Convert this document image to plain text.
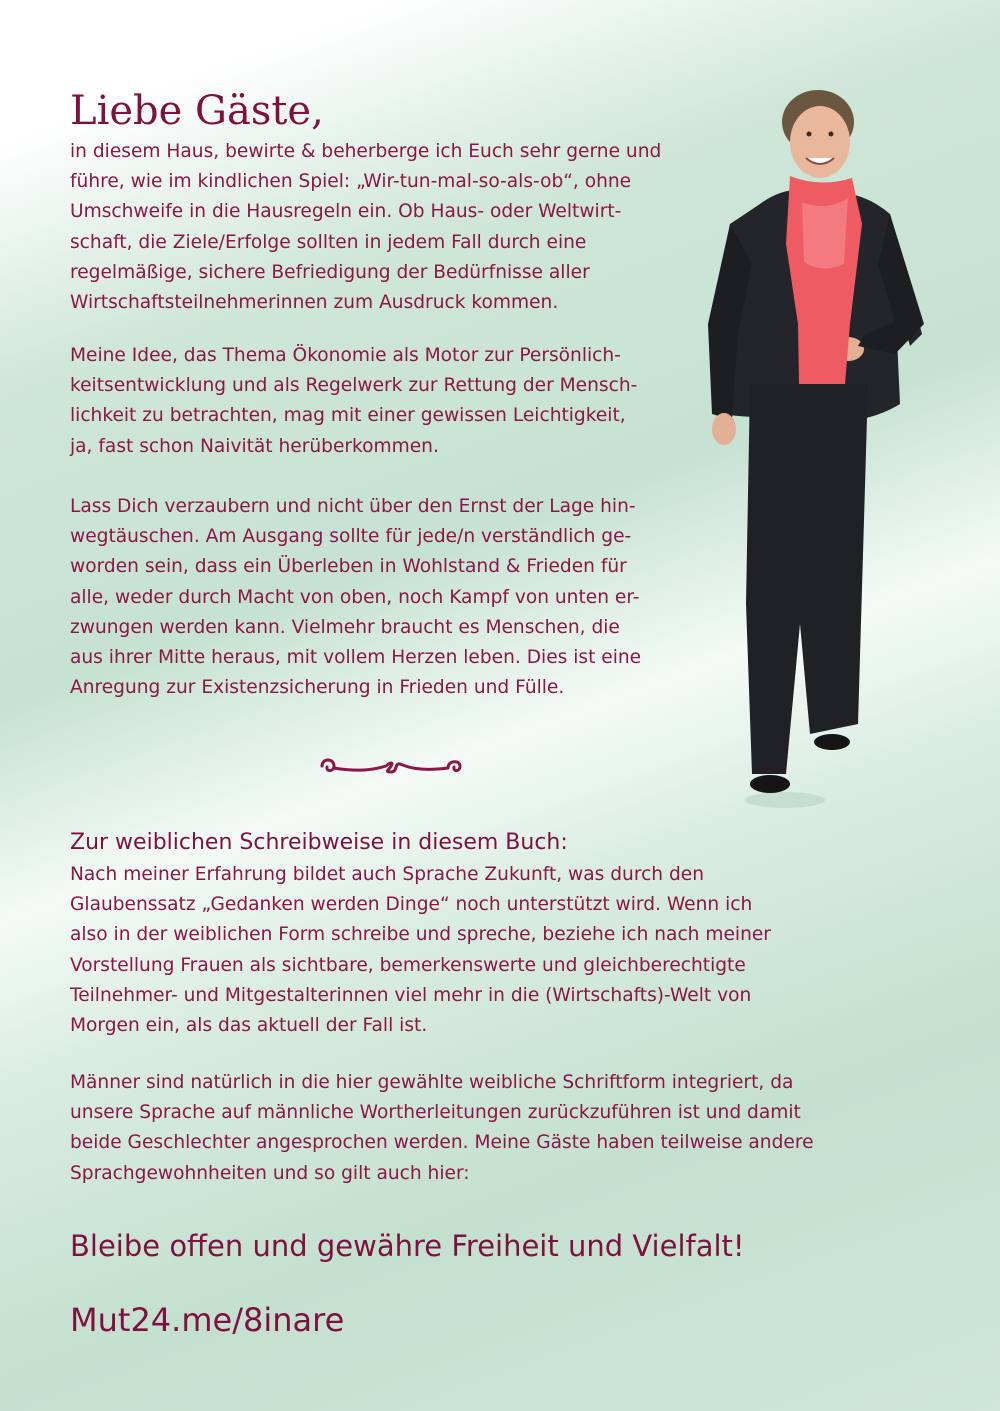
Liebe Gäste,

in diesem Haus, bewirte & beherberge ich Euch sehr gerne und
führe, wie im kindlichen Spiel: „Wir-tun-mal-so-als-ob“, ohne
Umschweife in die Hausregeln ein. Ob Haus- oder Weltwirt-
schaft, die Ziele/Erfolge sollten in jedem Fall durch eine
regelmäßige, sichere Befriedigung der Bedürfnisse aller
Wirtschaftsteilnehmerinnen zum Ausdruck kommen.

Meine Idee, das Thema Ökonomie als Motor zur Persönlich-
keitsentwicklung und als Regelwerk zur Rettung der Mensch-
lichkeit zu betrachten, mag mit einer gewissen Leichtigkeit,
ja, fast schon Naivität herüberkommen.

Lass Dich verzaubern und nicht über den Ernst der Lage hin-
wegtäuschen. Am Ausgang sollte für jede/n verständlich ge-
worden sein, dass ein Überleben in Wohlstand & Frieden für
alle, weder durch Macht von oben, noch Kampf von unten er-
zwungen werden kann. Vielmehr braucht es Menschen, die
aus ihrer Mitte heraus, mit vollem Herzen leben. Dies ist eine
Anregung zur Existenzsicherung in Frieden und Fülle.

Zur weiblichen Schreibweise in diesem Buch:

Nach meiner Erfahrung bildet auch Sprache Zukunft, was durch den
Glaubenssatz „Gedanken werden Dinge“ noch unterstützt wird. Wenn ich
also in der weiblichen Form schreibe und spreche, beziehe ich nach meiner
Vorstellung Frauen als sichtbare, bemerkenswerte und gleichberechtigte
Teilnehmer- und Mitgestalterinnen viel mehr in die (Wirtschafts)-Welt von
Morgen ein, als das aktuell der Fall ist.

Männer sind natürlich in die hier gewählte weibliche Schriftform integriert, da
unsere Sprache auf männliche Wortherleitungen zurückzuführen ist und damit
beide Geschlechter angesprochen werden. Meine Gäste haben teilweise andere
Sprachgewohnheiten und so gilt auch hier:

Bleibe offen und gewähre Freiheit und Vielfalt!

Mut24.me/8inare
